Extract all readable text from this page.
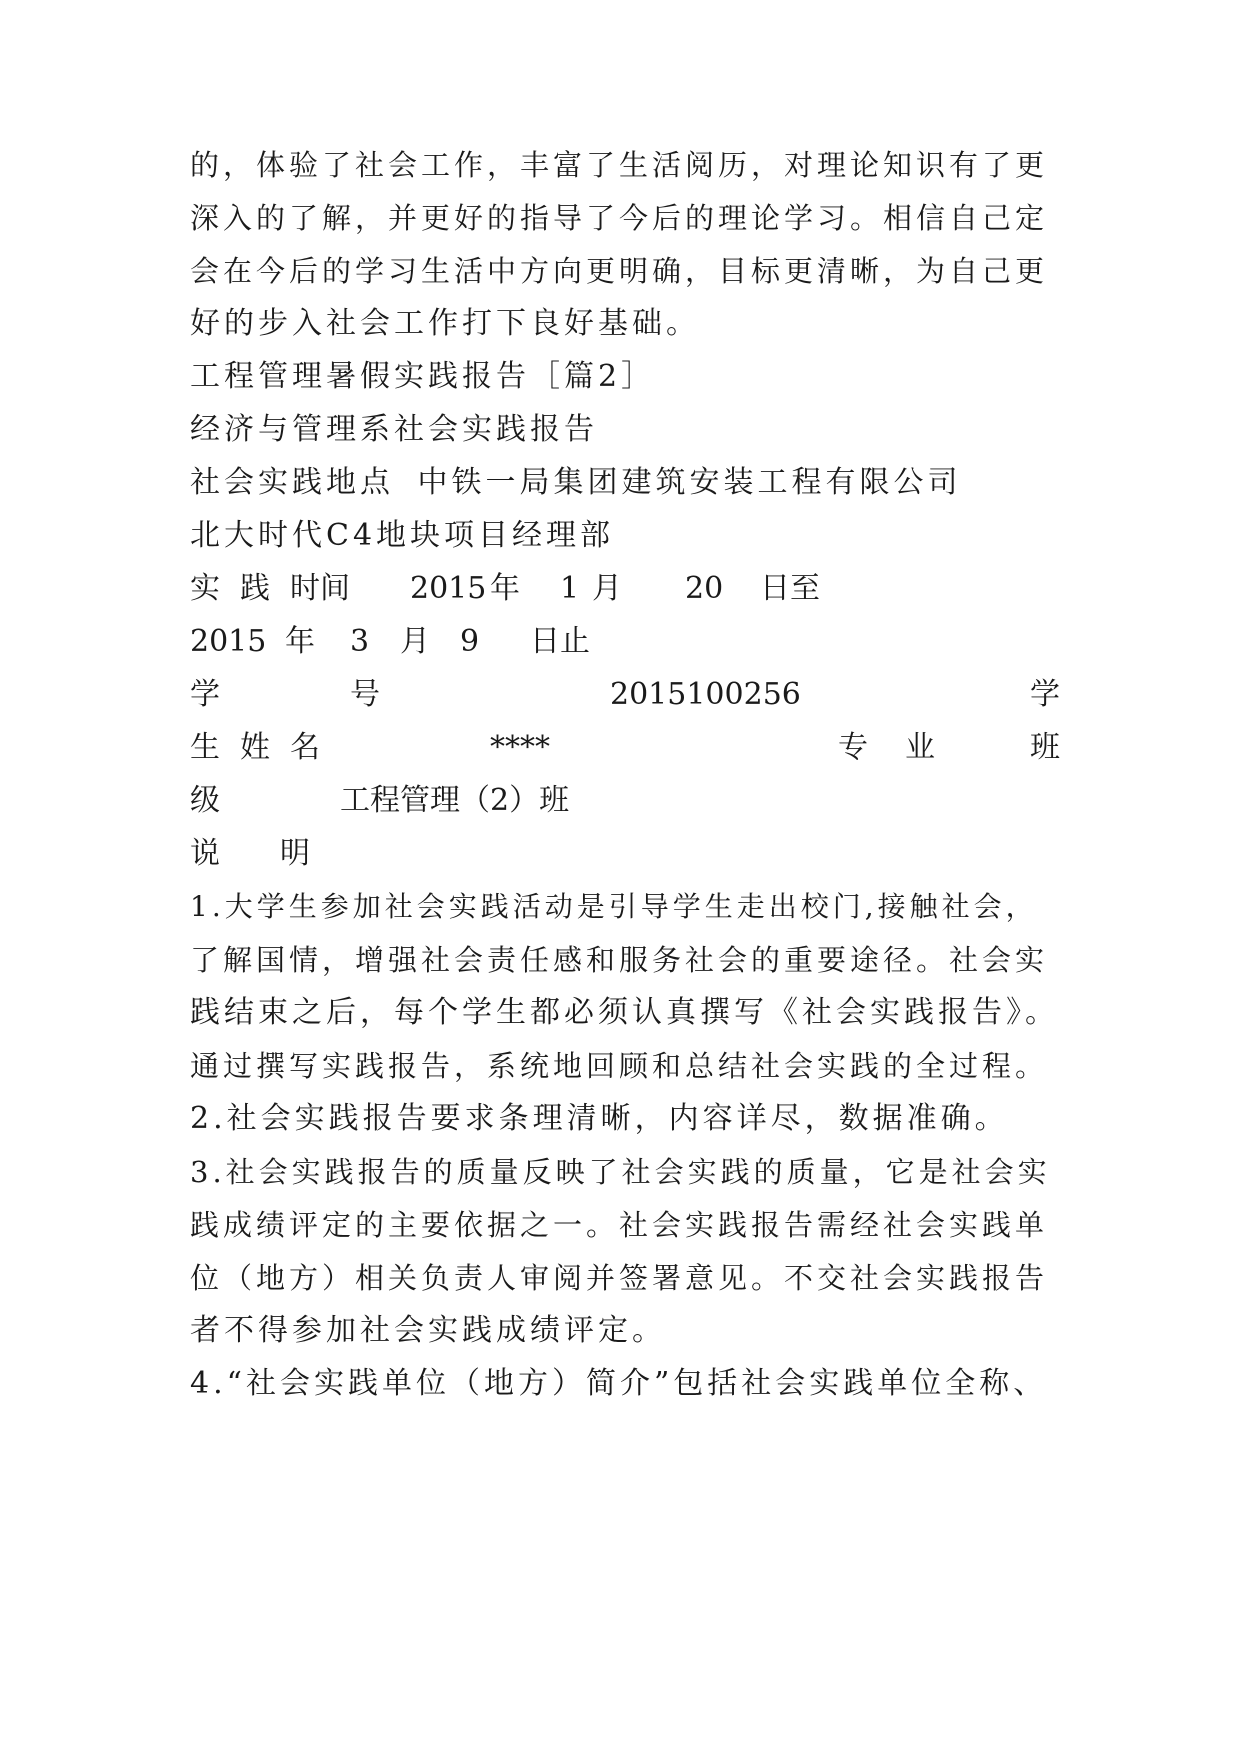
的，体验了社会工作，丰富了生活阅历，对理论知识有了更
深入的了解，并更好的指导了今后的理论学习。相信自己定
会在今后的学习生活中方向更明确，目标更清晰，为自己更
好的步入社会工作打下良好基础。
工程管理暑假实践报告［篇2］
经济与管理系社会实践报告
社会实践地点 中铁一局集团建筑安装工程有限公司
北大时代C4地块项目经理部
实 践 时 间 2015 年 1 月 20 日至
2015 年 3 月 9 日止
学	号	2015100256	学
生 姓 名	****	专 业	班
级	工程管理（2）班
说 明
1.大学生参加社会实践活动是引导学生走出校门,接触社会，
了解国情，增强社会责任感和服务社会的重要途径。社会实
践结束之后，每个学生都必须认真撰写《社会实践报告》。
通过撰写实践报告，系统地回顾和总结社会实践的全过程。
2.社会实践报告要求条理清晰，内容详尽，数据准确。
3.社会实践报告的质量反映了社会实践的质量，它是社会实
践成绩评定的主要依据之一。社会实践报告需经社会实践单
位（地方）相关负责人审阅并签署意见。不交社会实践报告
者不得参加社会实践成绩评定。
4.“社会实践单位（地方）简介”包括社会实践单位全称、
